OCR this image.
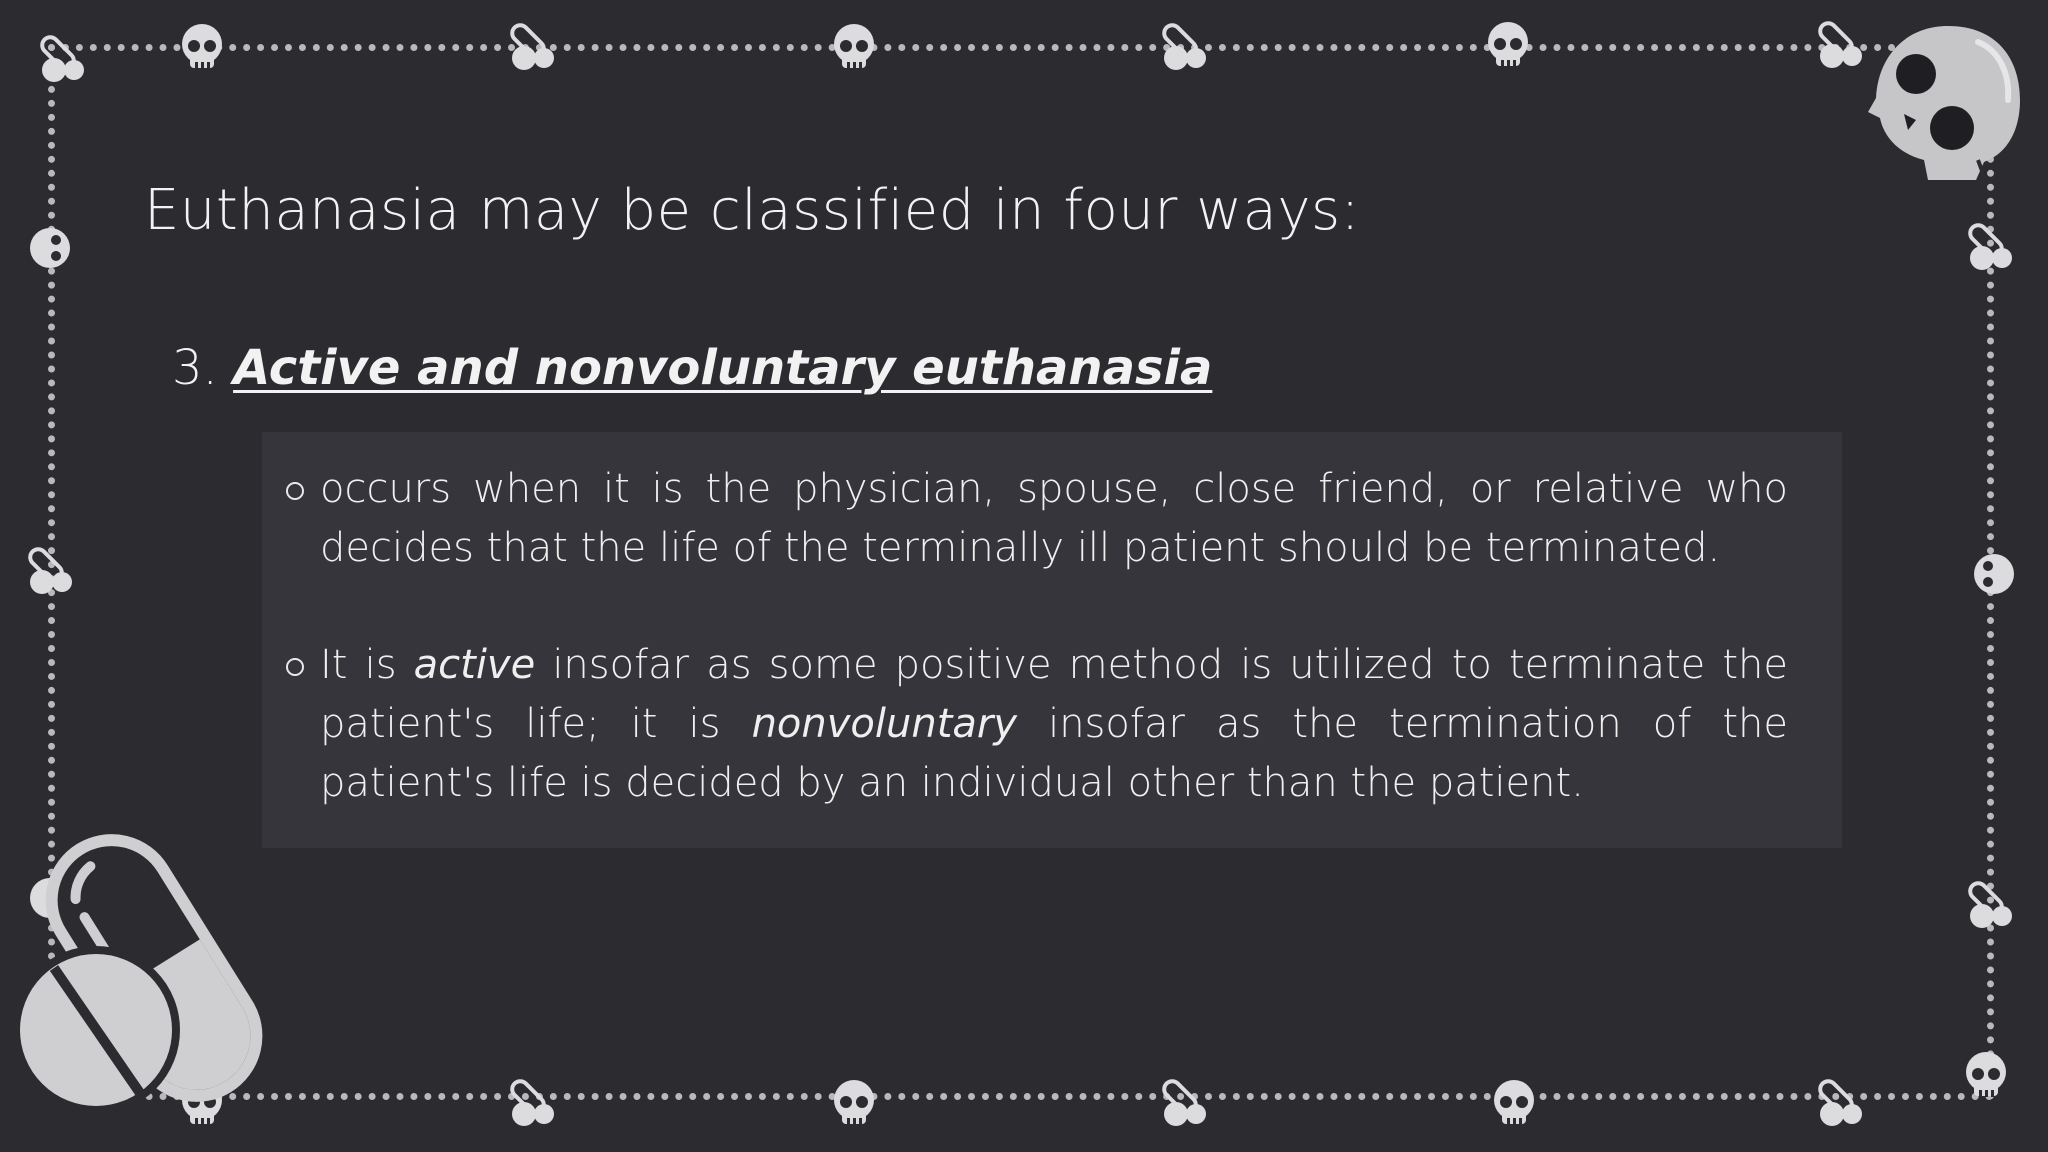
Euthanasia may be classified in four ways:
3. Active and nonvoluntary euthanasia
occurs when it is the physician, spouse, close friend, or relative who decides that the life of the terminally ill patient should be terminated.
It is active insofar as some positive method is utilized to terminate the patient's life; it is nonvoluntary insofar as the termination of the patient's life is decided by an individual other than the patient.
